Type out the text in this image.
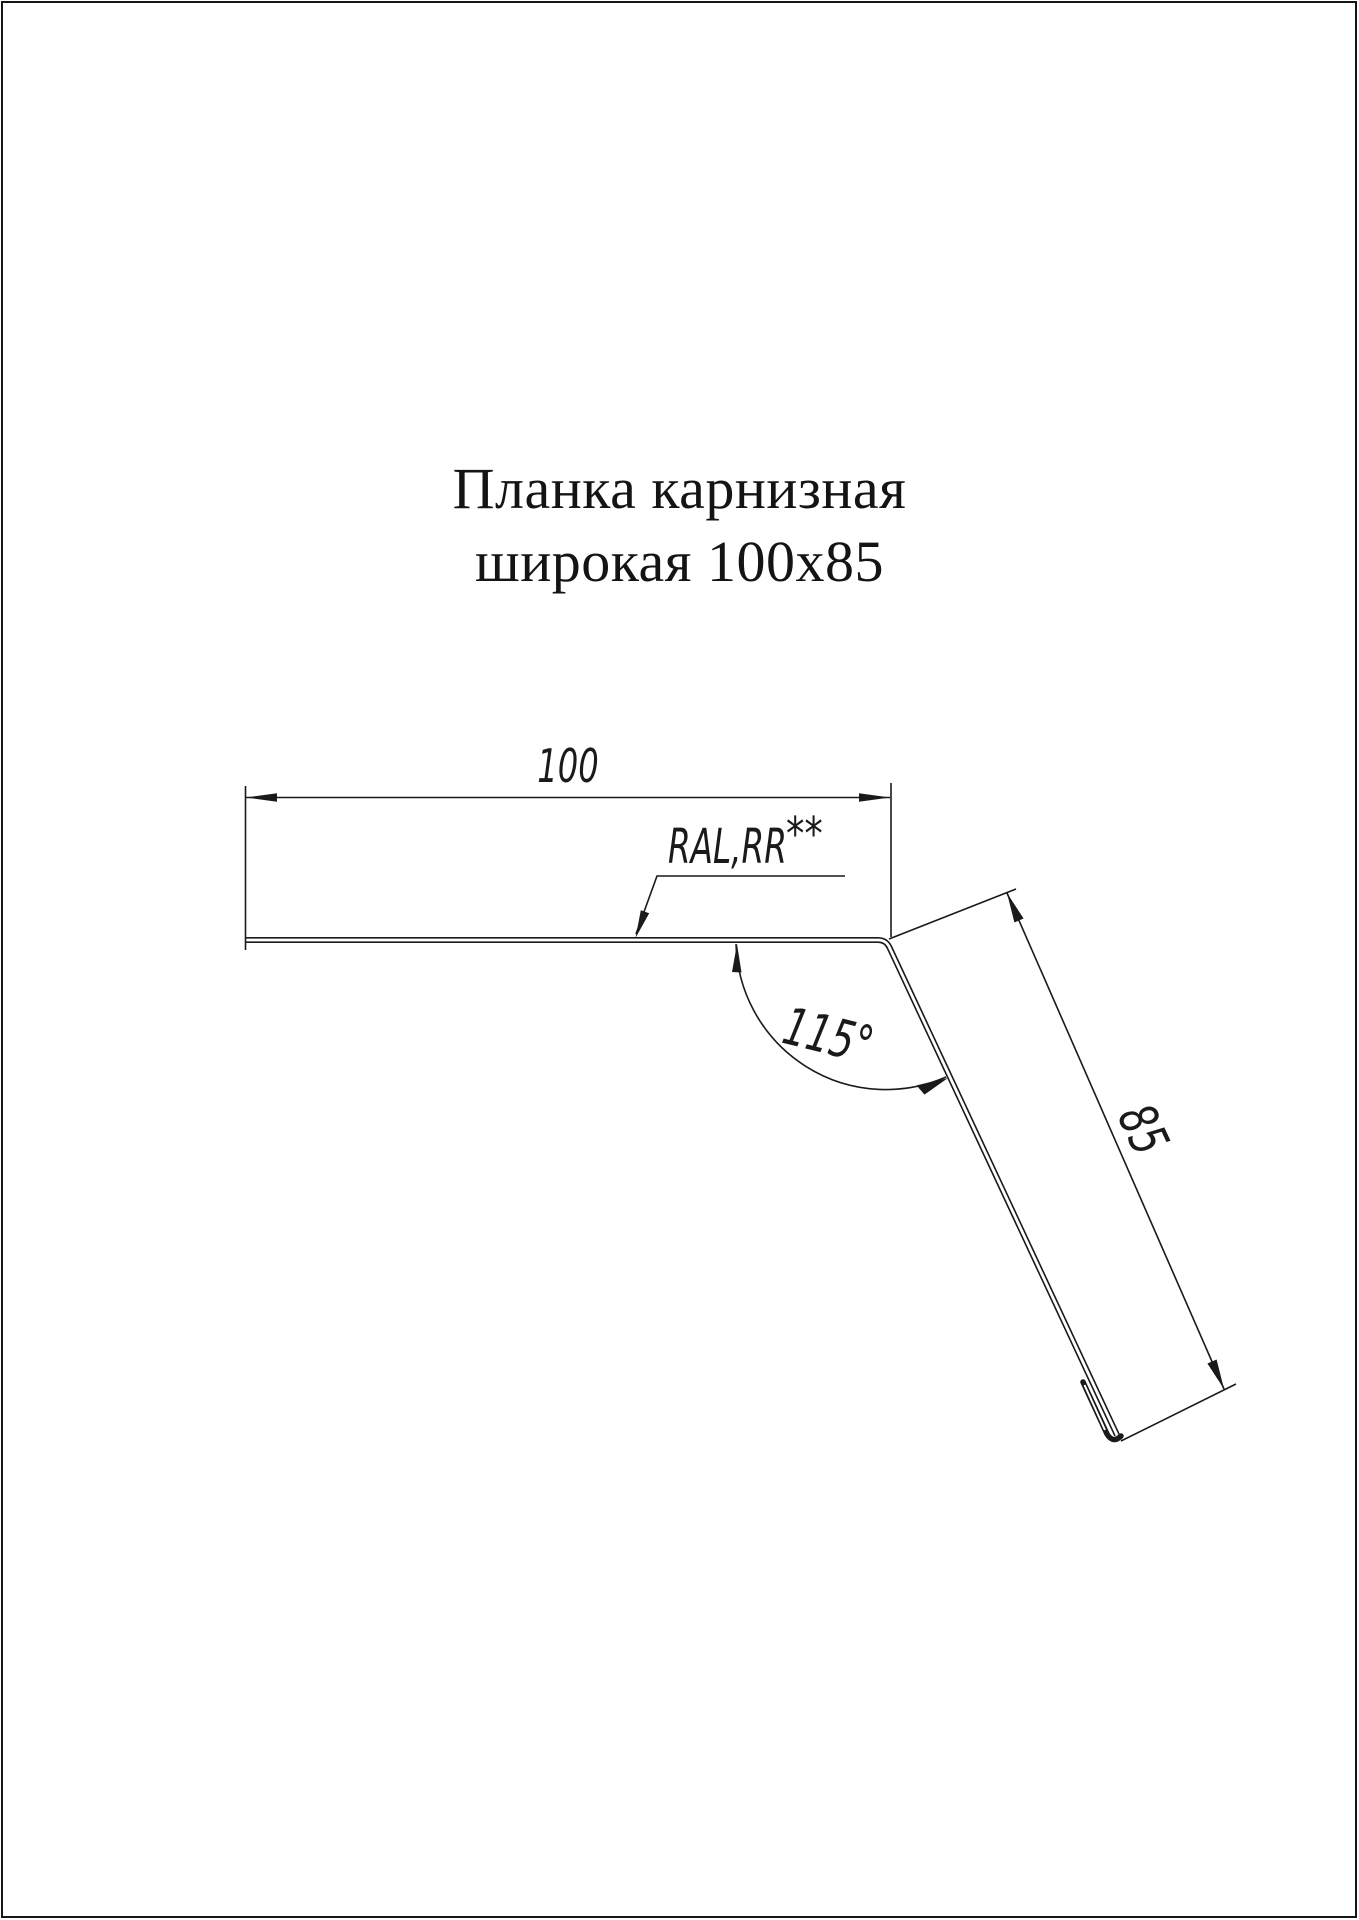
Планка карнизная
широкая 100х85
100
RAL,RR **
115°
85
